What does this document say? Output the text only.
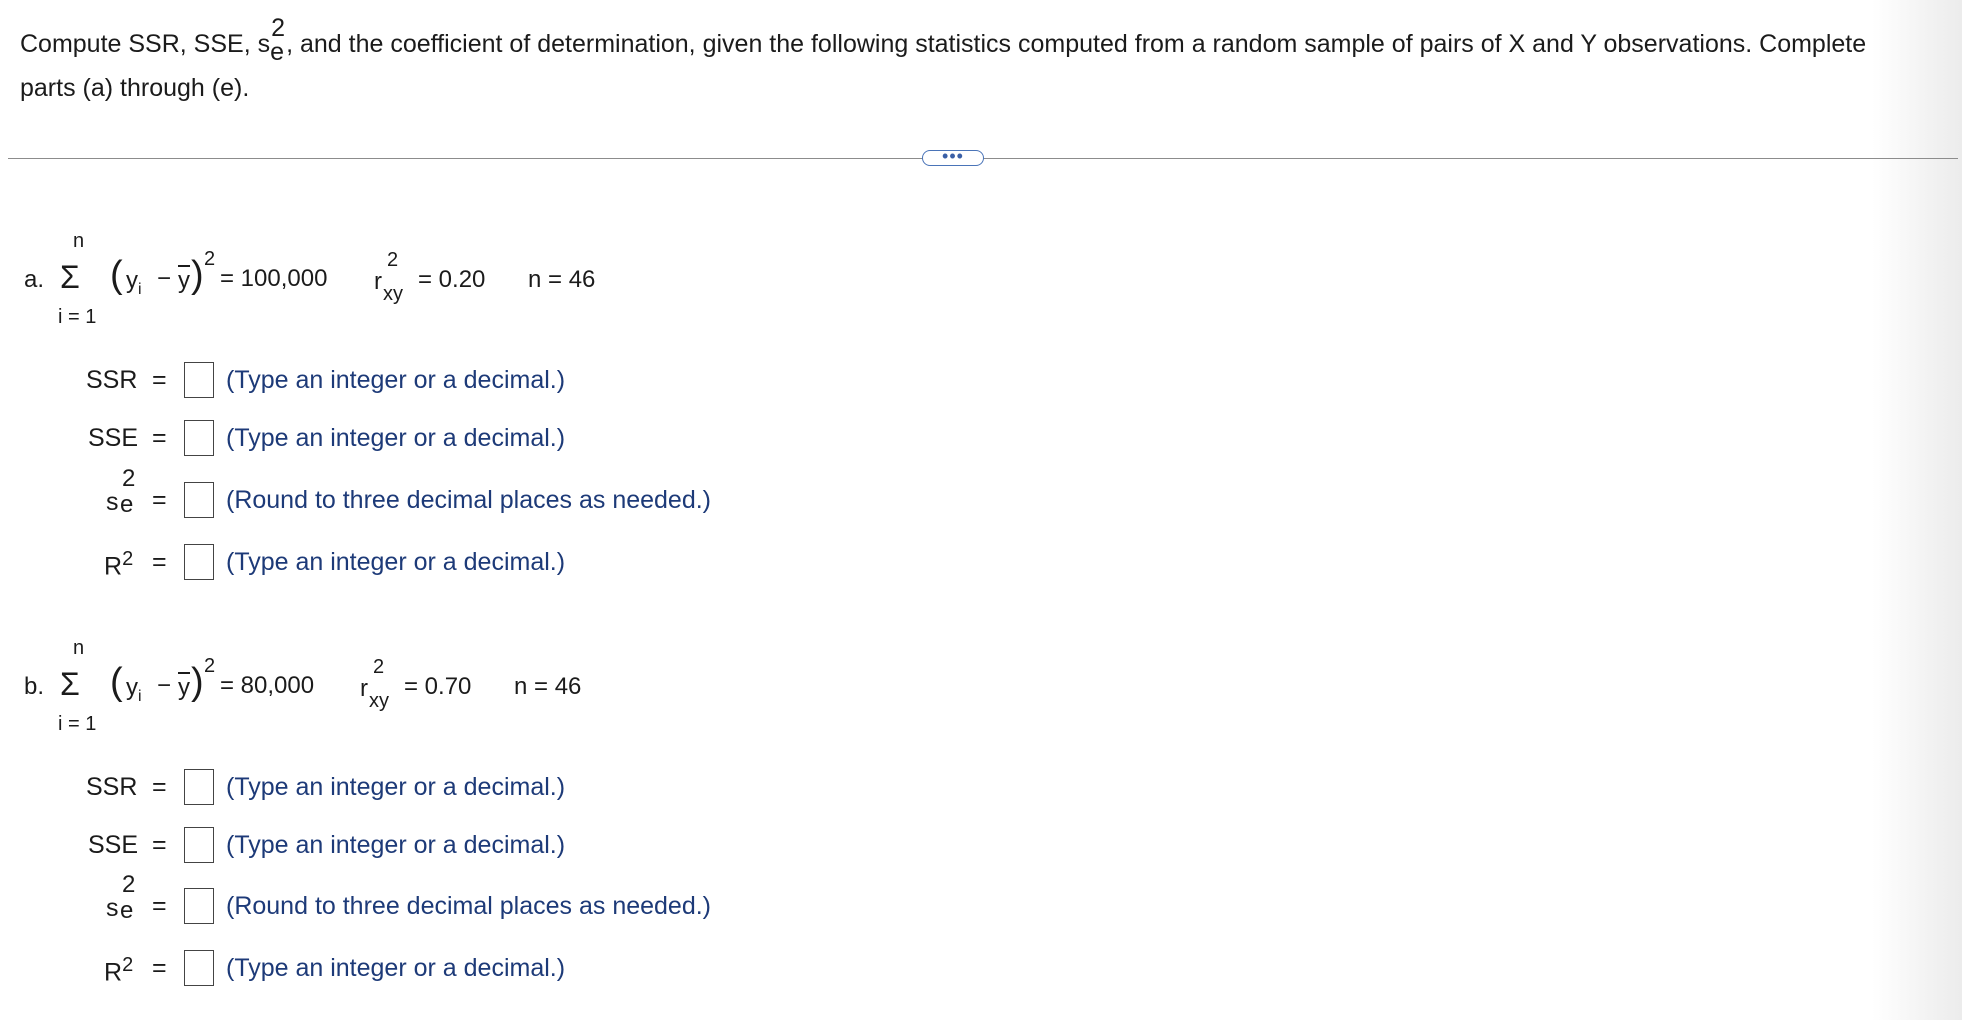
Compute SSR, SSE, s
2
e , and the coefficient of determination, given the following statistics computed from a random sample of pairs of X and Y observations. Complete
parts (a) through (e).
•••
a.
n
Σ
i = 1
( $y_i - \overline{y}$ ) 2
= 100,000 r
2
xy
= 0.20 n = 46
SSR = (Type an integer or a decimal.)
SSE = (Type an integer or a decimal.)
s
2
e = (Round to three decimal places as needed.)
$R^2$ = (Type an integer or a decimal.)
b.
n
Σ
i = 1
( $y_i - \overline{y}$ ) 2
= 80,000 r
2
xy
= 0.70 n = 46
SSR = (Type an integer or a decimal.)
SSE = (Type an integer or a decimal.)
s
2
e = (Round to three decimal places as needed.)
$R^2$ = (Type an integer or a decimal.)
